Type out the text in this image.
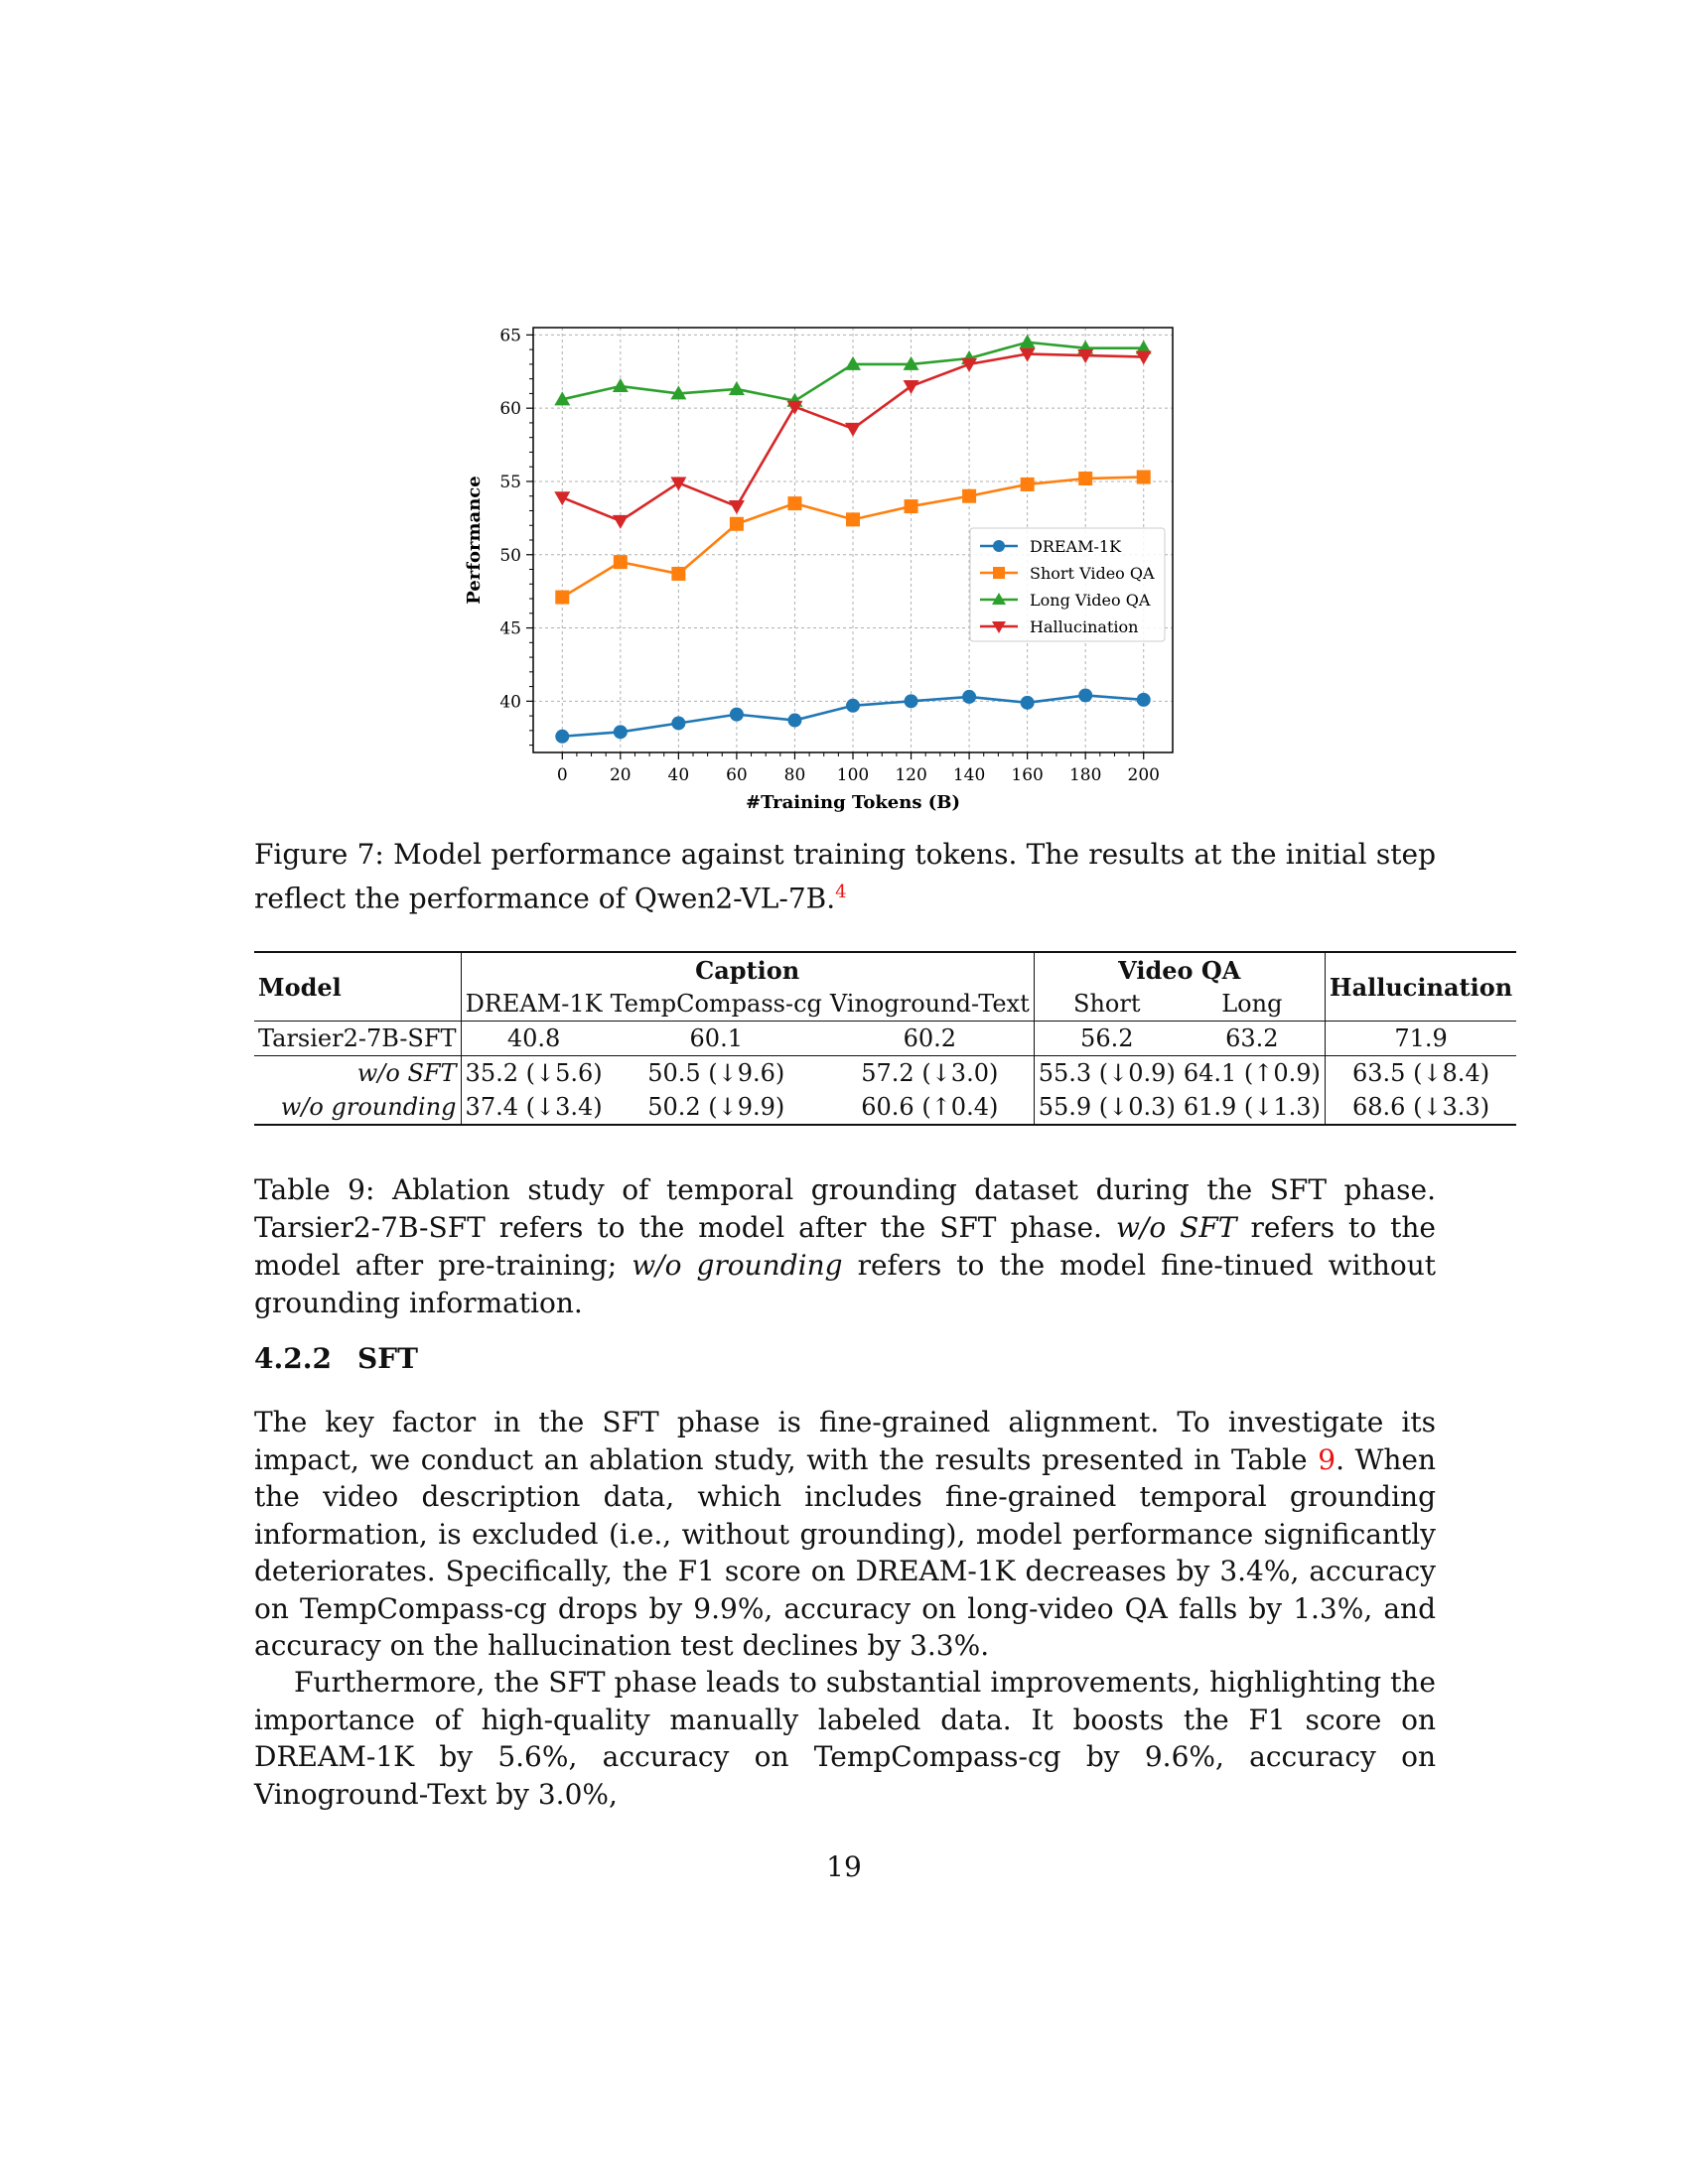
0 20 40 60 80 100 120 140 160 180 200
40
45
50
55
60
65
#Training Tokens (B)
Performance	DREAM-1K
Short Video QA
Long Video QA
Hallucination
Figure 7: Model performance against training tokens. The results at the initial step reflect the performance of Qwen2-VL-7B.$^4$
Model	Caption			Video QA		Hallucination
	DREAM-1K	TempCompass-cg	Vinoground-Text	Short	Long	
Tarsier2-7B-SFT	40.8	60.1	60.2	56.2	63.2	71.9
w/o SFT	35.2 (↓5.6)	50.5 (↓9.6)	57.2 (↓3.0)	55.3 (↓0.9)	64.1 (↑0.9)	63.5 (↓8.4)
w/o grounding	37.4 (↓3.4)	50.2 (↓9.9)	60.6 (↑0.4)	55.9 (↓0.3)	61.9 (↓1.3)	68.6 (↓3.3)
Table 9: Ablation study of temporal grounding dataset during the SFT phase. Tarsier2-7B-SFT refers to the model after the SFT phase. w/o SFT refers to the model after pre-training; w/o grounding refers to the model fine-tinued without grounding information.
4.2.2 SFT

The key factor in the SFT phase is fine-grained alignment. To investigate its impact, we conduct an ablation study, with the results presented in Table 9. When the video description data, which includes fine-grained temporal grounding information, is excluded (i.e., without grounding), model performance significantly deteriorates. Specifically, the F1 score on DREAM-1K decreases by 3.4%, accuracy on TempCompass-cg drops by 9.9%, accuracy on long-video QA falls by 1.3%, and accuracy on the hallucination test declines by 3.3%.

Furthermore, the SFT phase leads to substantial improvements, highlighting the importance of high-quality manually labeled data. It boosts the F1 score on DREAM-1K by 5.6%, accuracy on TempCompass-cg by 9.6%, accuracy on Vinoground-Text by 3.0%,

19
